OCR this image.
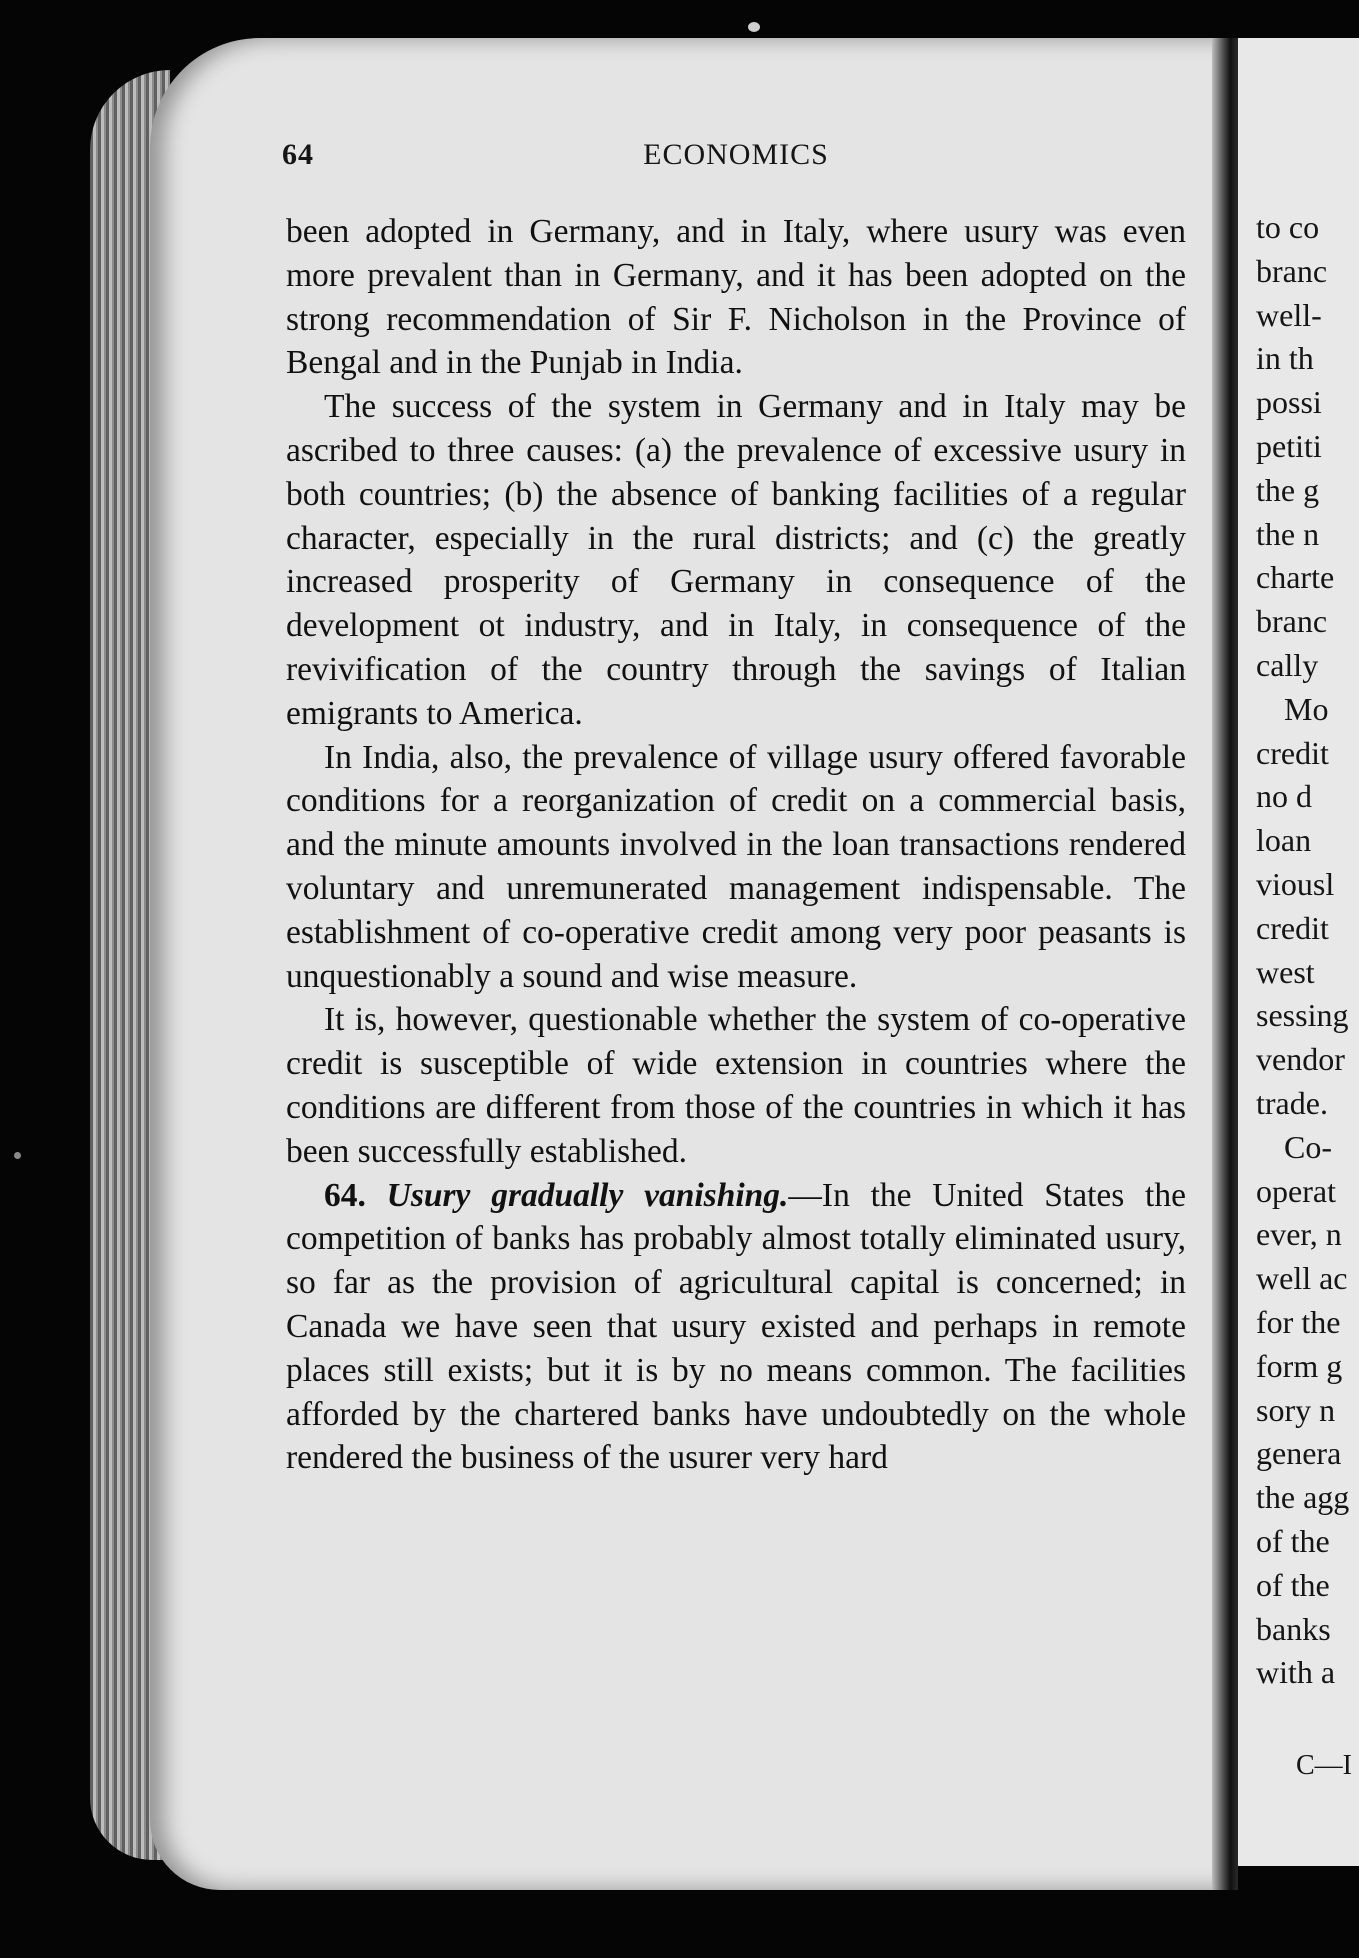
64	ECONOMICS

been adopted in Germany, and in Italy, where usury was even more prevalent than in Germany, and it has been adopted on the strong recommendation of Sir F. Nicholson in the Province of Bengal and in the Punjab in India.

The success of the system in Germany and in Italy may be ascribed to three causes: (a) the prevalence of excessive usury in both countries; (b) the absence of banking facilities of a regular character, especially in the rural districts; and (c) the greatly increased prosperity of Germany in consequence of the development ot industry, and in Italy, in consequence of the revivification of the country through the savings of Italian emigrants to America.

In India, also, the prevalence of village usury offered favorable conditions for a reorganization of credit on a commercial basis, and the minute amounts involved in the loan transactions rendered voluntary and unremunerated management indispensable. The establishment of co-operative credit among very poor peasants is unquestionably a sound and wise measure.

It is, however, questionable whether the system of co-operative credit is susceptible of wide extension in countries where the conditions are different from those of the countries in which it has been successfully established.

64. Usury gradually vanishing.—In the United States the competition of banks has probably almost totally eliminated usury, so far as the provision of agricultural capital is concerned; in Canada we have seen that usury existed and perhaps in remote places still exists; but it is by no means common. The facilities afforded by the chartered banks have undoubtedly on the whole rendered the business of the usurer very hard

to co
branc
well-
in th
possi
petiti
the g
the n
charte
branc
cally
Mo
credit
no d
loan
viousl
credit
west
sessing
vendor
trade.
Co-
operat
ever, n
well ac
for the
form g
sory n
genera
the agg
of the
of the
banks
with a
C—I
